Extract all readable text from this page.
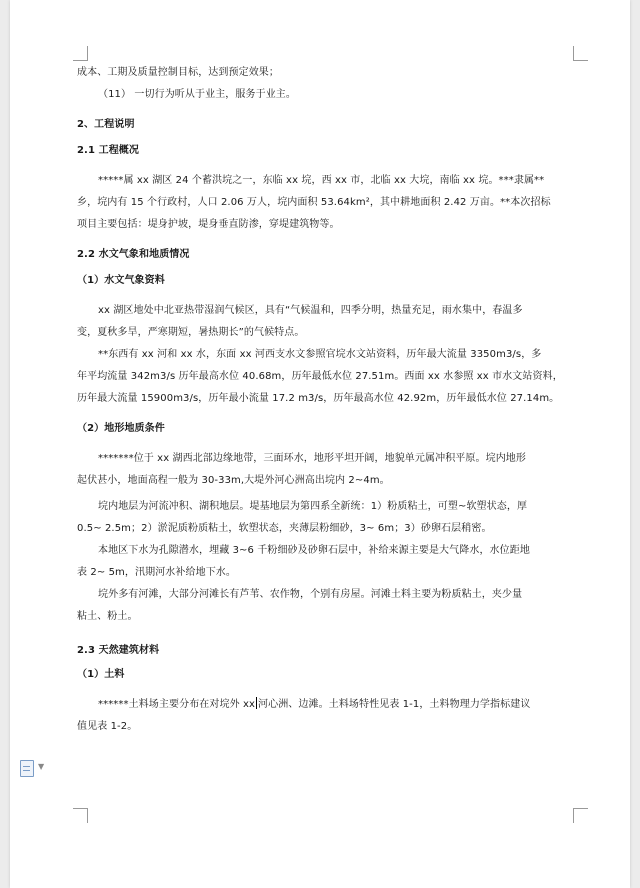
成本、工期及质量控制目标，达到预定效果；

（11） 一切行为听从于业主，服务于业主。

2、工程说明

2.1 工程概况

*****属 xx 湖区 24 个蓄洪垸之一，东临 xx 垸，西 xx 市，北临 xx 大垸，南临 xx 垸。***隶属**

乡，垸内有 15 个行政村，人口 2.06 万人，垸内面积 53.64km²，其中耕地面积 2.42 万亩。**本次招标

项目主要包括：堤身护坡，堤身垂直防渗，穿堤建筑物等。

2.2 水文气象和地质情况

（1）水文气象资料

xx 湖区地处中北亚热带湿润气候区，具有“气候温和，四季分明，热量充足，雨水集中，春温多

变，夏秋多旱，严寒期短，暑热期长”的气候特点。

**东西有 xx 河和 xx 水，东面 xx 河西支水文参照官垸水文站资料，历年最大流量 3350m3/s，多

年平均流量 342m3/s 历年最高水位 40.68m，历年最低水位 27.51m。西面 xx 水参照 xx 市水文站资料，

历年最大流量 15900m3/s，历年最小流量 17.2 m3/s，历年最高水位 42.92m，历年最低水位 27.14m。

（2）地形地质条件

*******位于 xx 湖西北部边缘地带，三面环水，地形平坦开阔，地貌单元属冲积平原。垸内地形

起伏甚小，地面高程一般为 30-33m,大堤外河心洲高出垸内 2~4m。

垸内地层为河流冲积、湖积地层。堤基地层为第四系全新统：1）粉质粘土，可塑~软塑状态，厚

0.5~ 2.5m；2）淤泥质粉质粘土，软塑状态，夹薄层粉细砂，3~ 6m；3）砂卵石层稍密。

本地区下水为孔隙潜水，埋藏 3~6 千粉细砂及砂卵石层中，补给来源主要是大气降水，水位距地

表 2~ 5m，汛期河水补给地下水。

垸外多有河滩，大部分河滩长有芦苇、农作物，个别有房屋。河滩土料主要为粉质粘土，夹少量

粘土、粉土。

2.3 天然建筑材料

（1）土料

******土料场主要分布在对垸外 xx 河心洲、边滩。土料场特性见表 1-1，土料物理力学指标建议

值见表 1-2。

▼
